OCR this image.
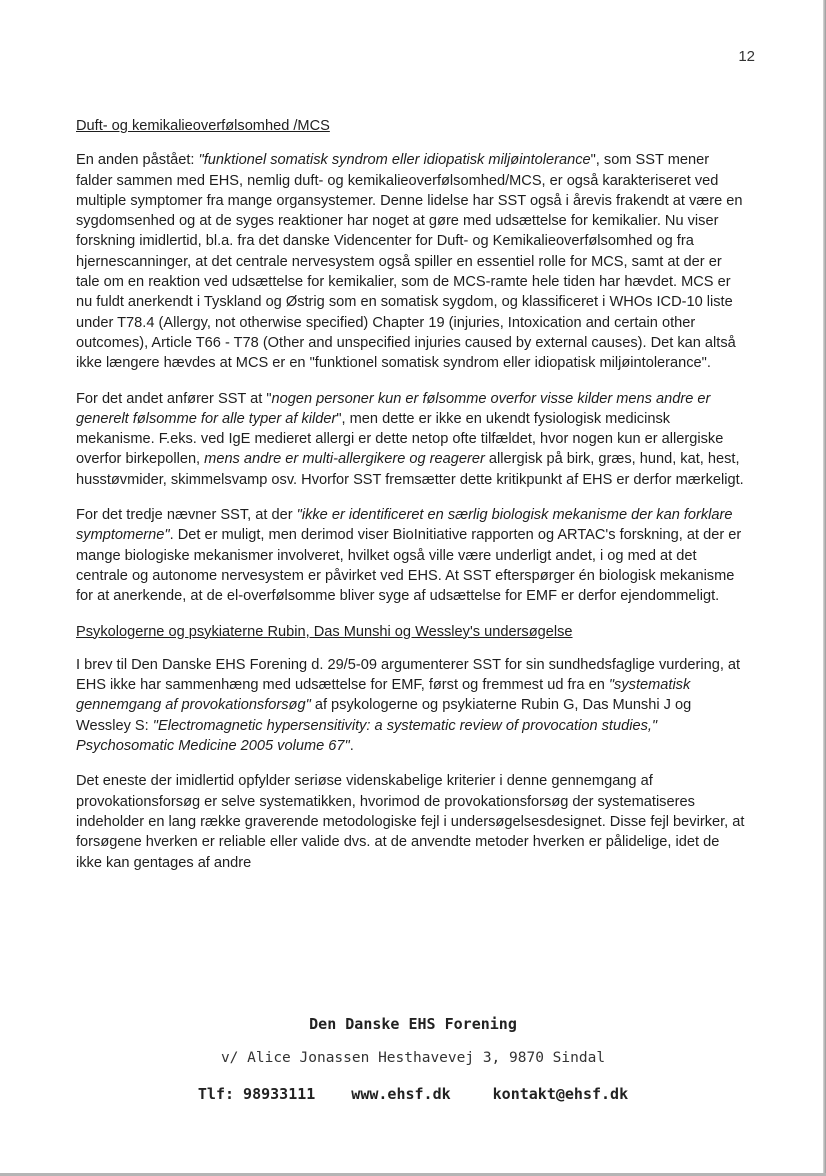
12
Duft- og kemikalieoverfølsomhed /MCS

En anden påstået: "funktionel somatisk syndrom eller idiopatisk miljøintolerance", som SST mener falder sammen med EHS, nemlig duft- og kemikalieoverfølsomhed/MCS, er også karakteriseret ved multiple symptomer fra mange organsystemer. Denne lidelse har SST også i årevis frakendt at være en sygdomsenhed og at de syges reaktioner har noget at gøre med udsættelse for kemikalier. Nu viser forskning imidlertid, bl.a. fra det danske Videncenter for Duft- og Kemikalieoverfølsomhed og fra hjernescanninger, at det centrale nervesystem også spiller en essentiel rolle for MCS, samt at der er tale om en reaktion ved udsættelse for kemikalier, som de MCS-ramte hele tiden har hævdet. MCS er nu fuldt anerkendt i Tyskland og Østrig som en somatisk sygdom, og klassificeret i WHOs ICD-10 liste under T78.4 (Allergy, not otherwise specified) Chapter 19 (injuries, Intoxication and certain other outcomes), Article T66 - T78 (Other and unspecified injuries caused by external causes). Det kan altså ikke længere hævdes at MCS er en "funktionel somatisk syndrom eller idiopatisk miljøintolerance".

For det andet anfører SST at "nogen personer kun er følsomme overfor visse kilder mens andre er generelt følsomme for alle typer af kilder", men dette er ikke en ukendt fysiologisk medicinsk mekanisme. F.eks. ved IgE medieret allergi er dette netop ofte tilfældet, hvor nogen kun er allergiske overfor birkepollen, mens andre er multi-allergikere og reagerer allergisk på birk, græs, hund, kat, hest, husstøvmider, skimmelsvamp osv. Hvorfor SST fremsætter dette kritikpunkt af EHS er derfor mærkeligt.

For det tredje nævner SST, at der "ikke er identificeret en særlig biologisk mekanisme der kan forklare symptomerne". Det er muligt, men derimod viser BioInitiative rapporten og ARTAC's forskning, at der er mange biologiske mekanismer involveret, hvilket også ville være underligt andet, i og med at det centrale og autonome nervesystem er påvirket ved EHS. At SST efterspørger én biologisk mekanisme for at anerkende, at de el-overfølsomme bliver syge af udsættelse for EMF er derfor ejendommeligt.

Psykologerne og psykiaterne Rubin, Das Munshi og Wessley's undersøgelse

I brev til Den Danske EHS Forening d. 29/5-09 argumenterer SST for sin sundhedsfaglige vurdering, at EHS ikke har sammenhæng med udsættelse for EMF, først og fremmest ud fra en "systematisk gennemgang af provokationsforsøg" af psykologerne og psykiaterne Rubin G, Das Munshi J og Wessley S: "Electromagnetic hypersensitivity: a systematic review of provocation studies," Psychosomatic Medicine 2005 volume 67".

Det eneste der imidlertid opfylder seriøse videnskabelige kriterier i denne gennemgang af provokationsforsøg er selve systematikken, hvorimod de provokationsforsøg der systematiseres indeholder en lang række graverende metodologiske fejl i undersøgelsesdesignet. Disse fejl bevirker, at forsøgene hverken er reliable eller valide dvs. at de anvendte metoder hverken er pålidelige, idet de ikke kan gentages af andre

Den Danske EHS Forening
v/ Alice Jonassen Hesthavevej 3, 9870 Sindal
Tlf: 98933111 www.ehsf.dk	kontakt@ehsf.dk
